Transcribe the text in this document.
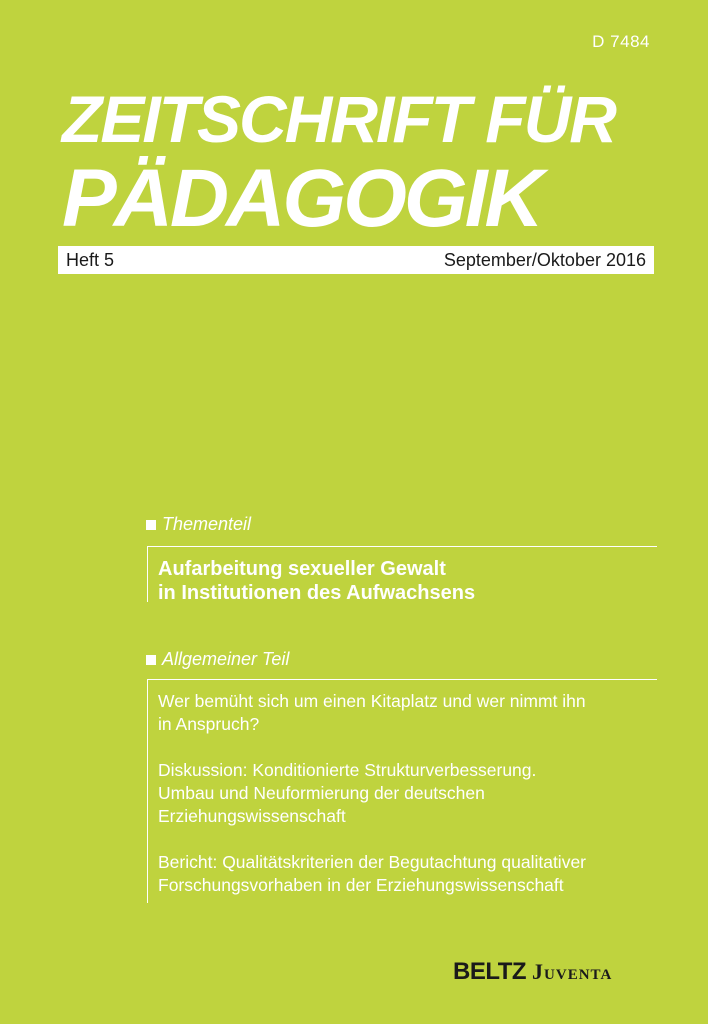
D 7484
ZEITSCHRIFT FÜR
PÄDAGOGIK
Heft 5	September/Oktober 2016
Thementeil
Aufarbeitung sexueller Gewalt
in Institutionen des Aufwachsens
Allgemeiner Teil
Wer bemüht sich um einen Kitaplatz und wer nimmt ihn
in Anspruch?
Diskussion: Konditionierte Strukturverbesserung.
Umbau und Neuformierung der deutschen
Erziehungswissenschaft
Bericht: Qualitätskriterien der Begutachtung qualitativer
Forschungsvorhaben in der Erziehungswissenschaft
BELTZ Juventa
